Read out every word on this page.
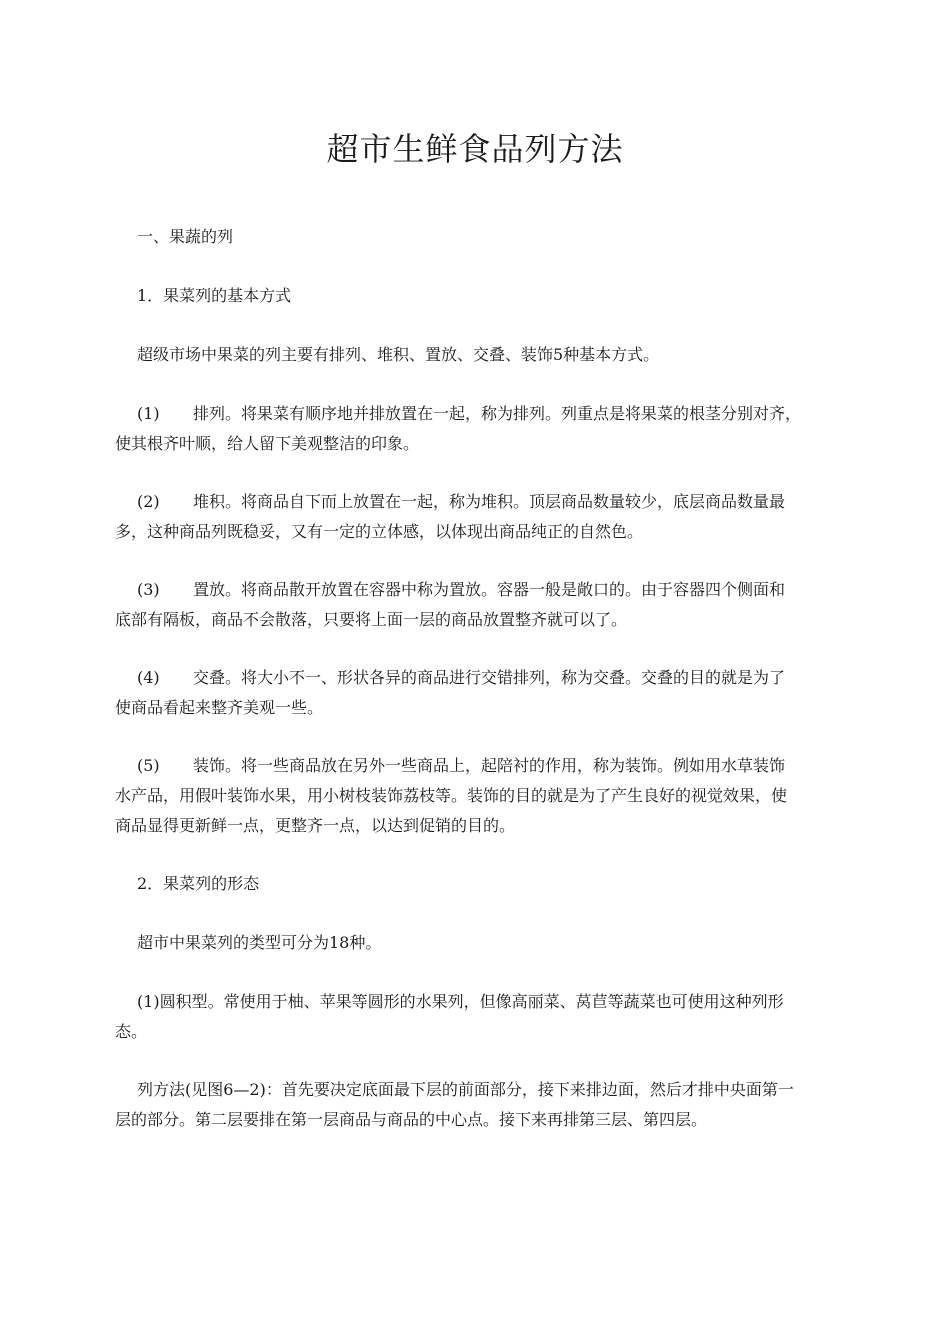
超市生鲜食品列方法
一、果蔬的列
1．果菜列的基本方式
超级市场中果菜的列主要有排列、堆积、置放、交叠、装饰5种基本方式。
(1) 排列。将果菜有顺序地并排放置在一起，称为排列。列重点是将果菜的根茎分别对齐，
使其根齐叶顺，给人留下美观整洁的印象。
(2) 堆积。将商品自下而上放置在一起，称为堆积。顶层商品数量较少，底层商品数量最
多，这种商品列既稳妥，又有一定的立体感，以体现出商品纯正的自然色。
(3) 置放。将商品散开放置在容器中称为置放。容器一般是敞口的。由于容器四个侧面和
底部有隔板，商品不会散落，只要将上面一层的商品放置整齐就可以了。
(4) 交叠。将大小不一、形状各异的商品进行交错排列，称为交叠。交叠的目的就是为了
使商品看起来整齐美观一些。
(5) 装饰。将一些商品放在另外一些商品上，起陪衬的作用，称为装饰。例如用水草装饰
水产品，用假叶装饰水果，用小树枝装饰荔枝等。装饰的目的就是为了产生良好的视觉效果，使
商品显得更新鲜一点，更整齐一点，以达到促销的目的。
2．果菜列的形态
超市中果菜列的类型可分为18种。
(1)圆积型。常使用于柚、苹果等圆形的水果列，但像高丽菜、莴苣等蔬菜也可使用这种列形
态。
列方法(见图6—2)：首先要决定底面最下层的前面部分，接下来排边面，然后才排中央面第一
层的部分。第二层要排在第一层商品与商品的中心点。接下来再排第三层、第四层。
